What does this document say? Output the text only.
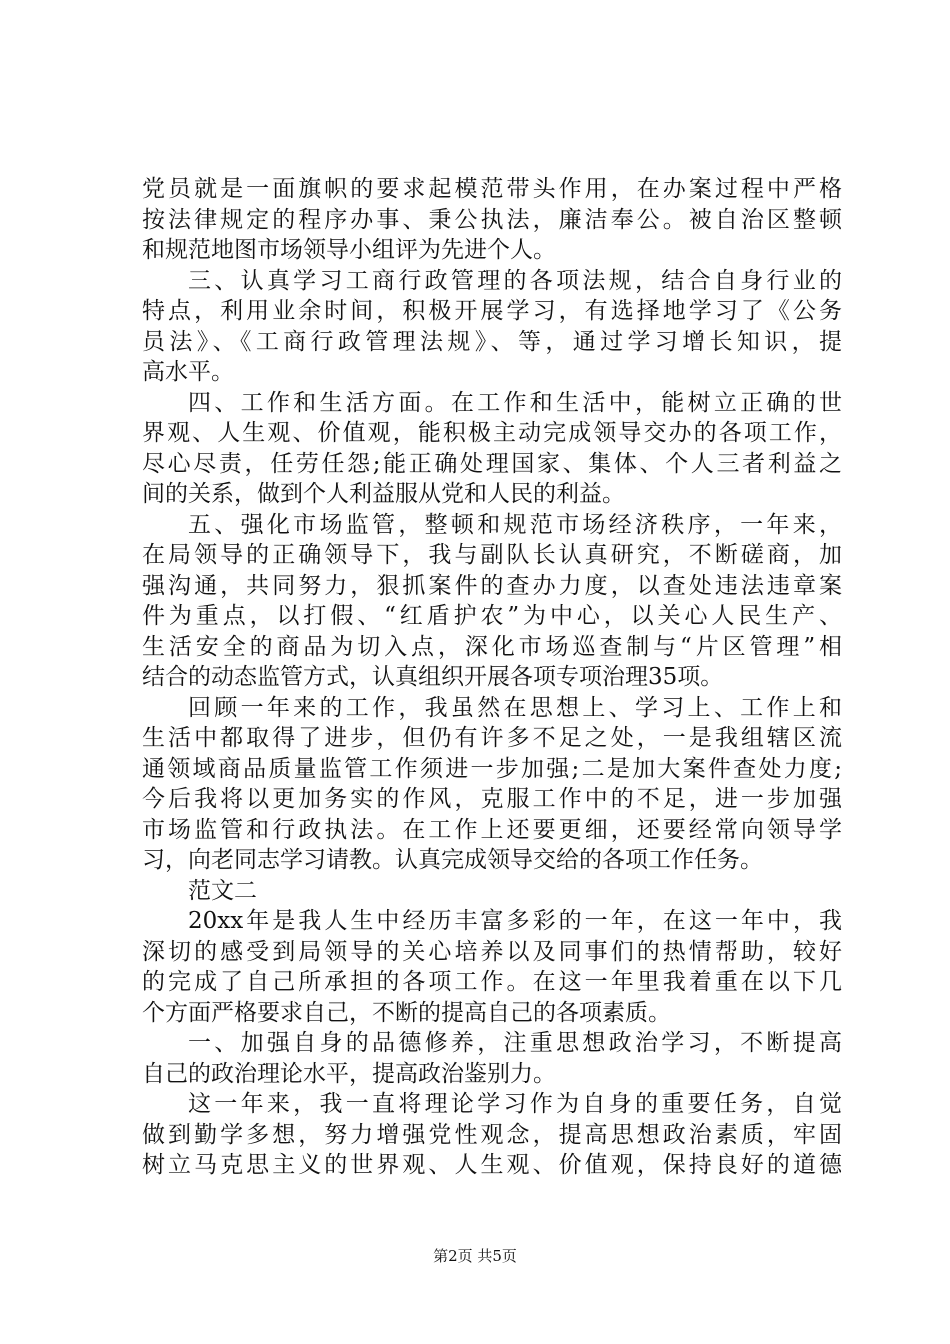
党员就是一面旗帜的要求起模范带头作用，在办案过程中严格
按法律规定的程序办事、秉公执法，廉洁奉公。被自治区整顿
和规范地图市场领导小组评为先进个人。
三、认真学习工商行政管理的各项法规，结合自身行业的
特点，利用业余时间，积极开展学习，有选择地学习了《公务
员法》、《工商行政管理法规》、等，通过学习增长知识，提
高水平。
四、工作和生活方面。在工作和生活中，能树立正确的世
界观、人生观、价值观，能积极主动完成领导交办的各项工作，
尽心尽责，任劳任怨;能正确处理国家、集体、个人三者利益之
间的关系，做到个人利益服从党和人民的利益。
五、强化市场监管，整顿和规范市场经济秩序，一年来，
在局领导的正确领导下，我与副队长认真研究，不断磋商，加
强沟通，共同努力，狠抓案件的查办力度，以查处违法违章案
件为重点，以打假、“红盾护农”为中心，以关心人民生产、
生活安全的商品为切入点，深化市场巡查制与“片区管理”相
结合的动态监管方式，认真组织开展各项专项治理35项。
回顾一年来的工作，我虽然在思想上、学习上、工作上和
生活中都取得了进步，但仍有许多不足之处，一是我组辖区流
通领域商品质量监管工作须进一步加强;二是加大案件查处力度;
今后我将以更加务实的作风，克服工作中的不足，进一步加强
市场监管和行政执法。在工作上还要更细，还要经常向领导学
习，向老同志学习请教。认真完成领导交给的各项工作任务。
范文二
20xx年是我人生中经历丰富多彩的一年，在这一年中，我
深切的感受到局领导的关心培养以及同事们的热情帮助，较好
的完成了自己所承担的各项工作。在这一年里我着重在以下几
个方面严格要求自己，不断的提高自己的各项素质。
一、加强自身的品德修养，注重思想政治学习，不断提高
自己的政治理论水平，提高政治鉴别力。
这一年来，我一直将理论学习作为自身的重要任务，自觉
做到勤学多想，努力增强党性观念，提高思想政治素质，牢固
树立马克思主义的世界观、人生观、价值观，保持良好的道德
第2页 共5页
